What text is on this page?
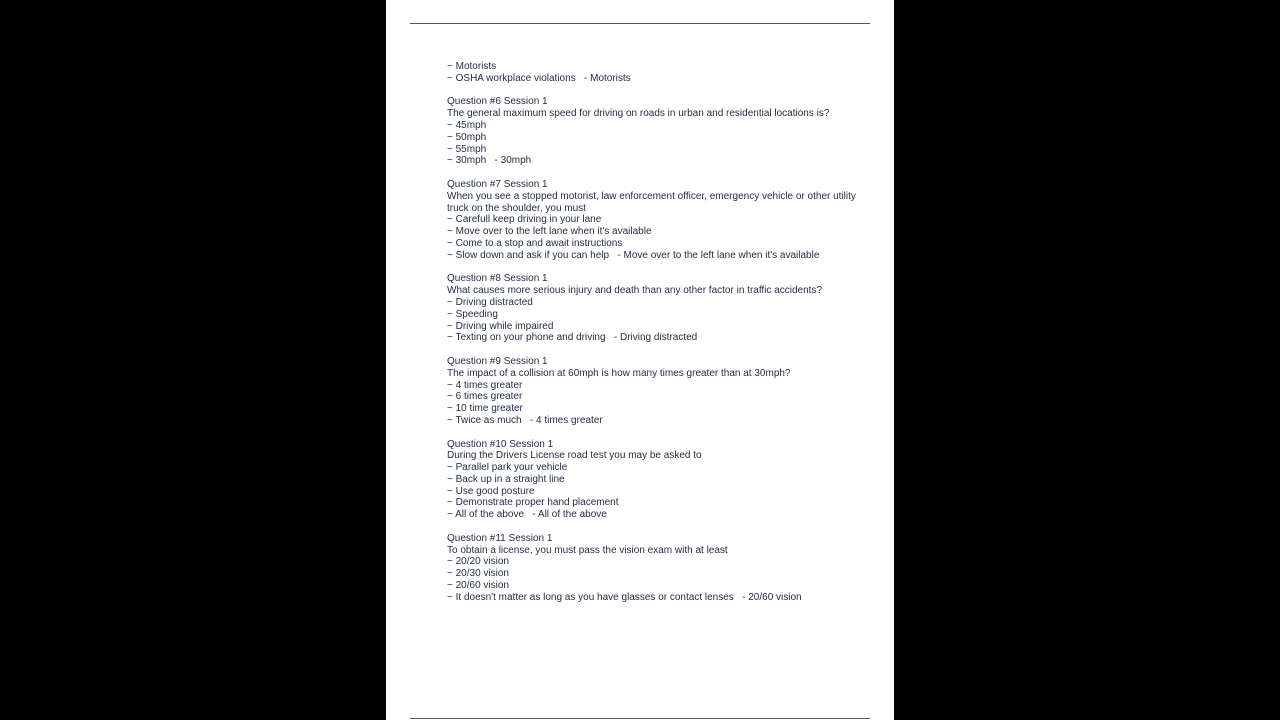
~ Motorists

~ OSHA workplace violations   - Motorists

Question #6 Session 1

The general maximum speed for driving on roads in urban and residential locations is?

~ 45mph

~ 50mph

~ 55mph

~ 30mph   - 30mph

Question #7 Session 1

When you see a stopped motorist, law enforcement officer, emergency vehicle or other utility truck on the shoulder, you must

~ Carefull keep driving in your lane

~ Move over to the left lane when it's available

~ Come to a stop and await instructions

~ Slow down and ask if you can help   - Move over to the left lane when it's available

Question #8 Session 1

What causes more serious injury and death than any other factor in traffic accidents?

~ Driving distracted

~ Speeding

~ Driving while impaired

~ Texting on your phone and driving   - Driving distracted

Question #9 Session 1

The impact of a collision at 60mph is how many times greater than at 30mph?

~ 4 times greater

~ 6 times greater

~ 10 time greater

~ Twice as much   - 4 times greater

Question #10 Session 1

During the Drivers License road test you may be asked to

~ Parallel park your vehicle

~ Back up in a straight line

~ Use good posture

~ Demonstrate proper hand placement

~ All of the above   - All of the above

Question #11 Session 1

To obtain a license, you must pass the vision exam with at least

~ 20/20 vision

~ 20/30 vision

~ 20/60 vision

~ It doesn't matter as long as you have glasses or contact lenses   - 20/60 vision
